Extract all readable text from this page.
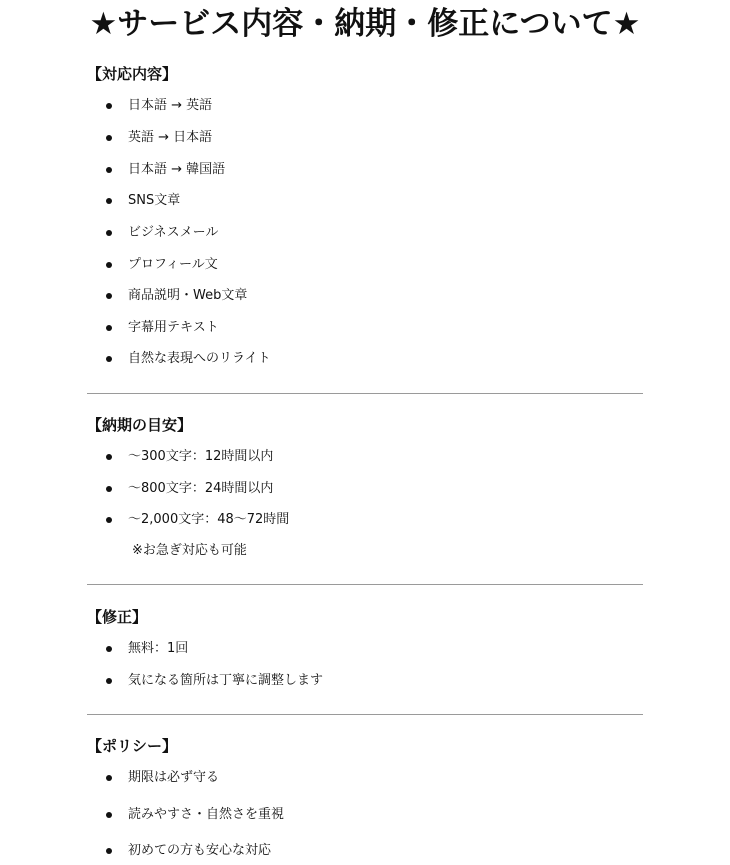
★サービス内容・納期・修正について★
【対応内容】
日本語 → 英語
英語 → 日本語
日本語 → 韓国語
SNS文章
ビジネスメール
プロフィール文
商品説明・Web文章
字幕用テキスト
自然な表現へのリライト
【納期の目安】
〜300文字：12時間以内
〜800文字：24時間以内
〜2,000文字：48〜72時間
※お急ぎ対応も可能
【修正】
無料：1回
気になる箇所は丁寧に調整します
【ポリシー】
期限は必ず守る
読みやすさ・自然さを重視
初めての方も安心な対応
